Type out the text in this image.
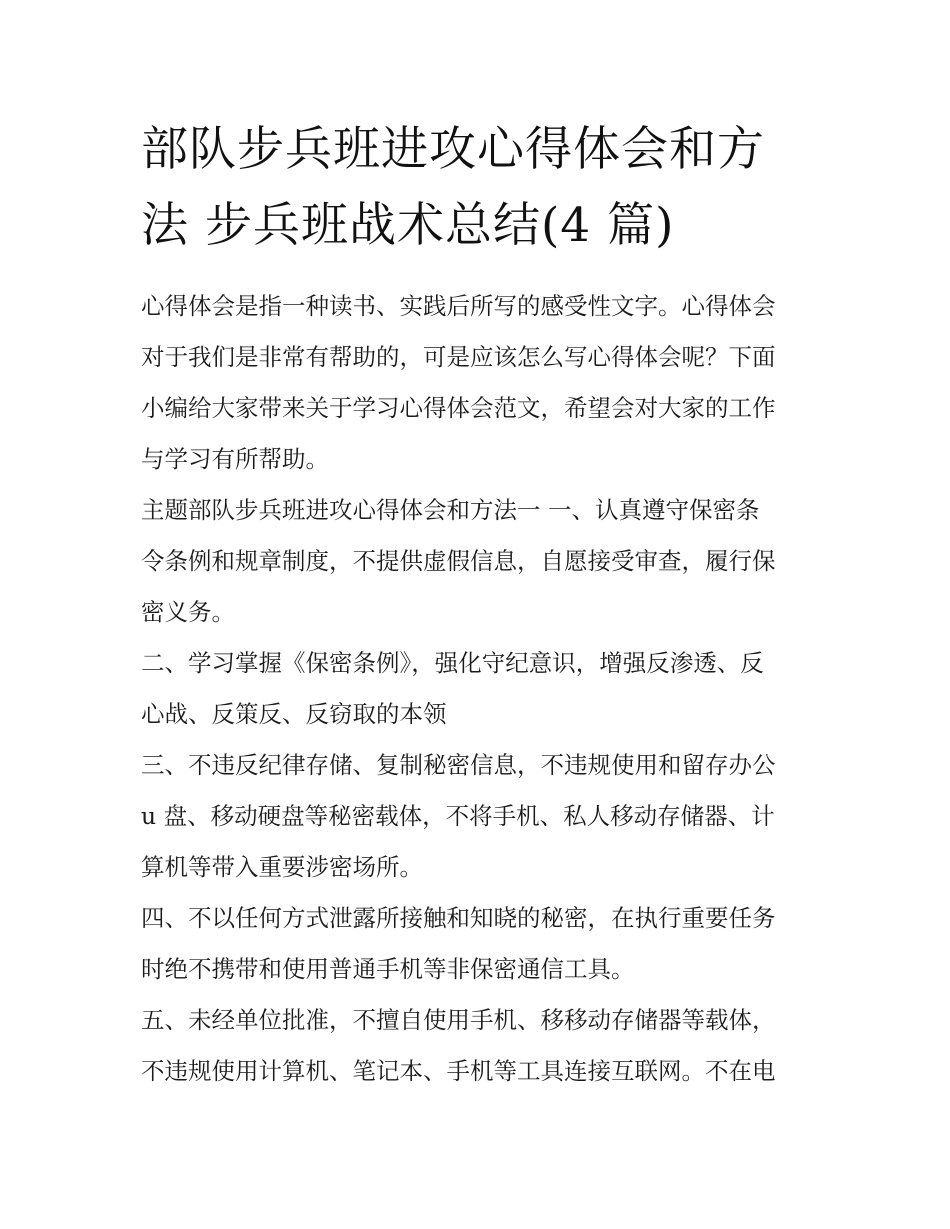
部队步兵班进攻心得体会和方
法 步兵班战术总结(4 篇)
心得体会是指一种读书、实践后所写的感受性文字。心得体会
对于我们是非常有帮助的，可是应该怎么写心得体会呢？下面
小编给大家带来关于学习心得体会范文，希望会对大家的工作
与学习有所帮助。
主题部队步兵班进攻心得体会和方法一 一、认真遵守保密条
令条例和规章制度，不提供虚假信息，自愿接受审查，履行保
密义务。
二、学习掌握《保密条例》，强化守纪意识，增强反渗透、反
心战、反策反、反窃取的本领
三、不违反纪律存储、复制秘密信息，不违规使用和留存办公
u 盘、移动硬盘等秘密载体，不将手机、私人移动存储器、计
算机等带入重要涉密场所。
四、不以任何方式泄露所接触和知晓的秘密，在执行重要任务
时绝不携带和使用普通手机等非保密通信工具。
五、未经单位批准，不擅自使用手机、移移动存储器等载体，
不违规使用计算机、笔记本、手机等工具连接互联网。不在电
